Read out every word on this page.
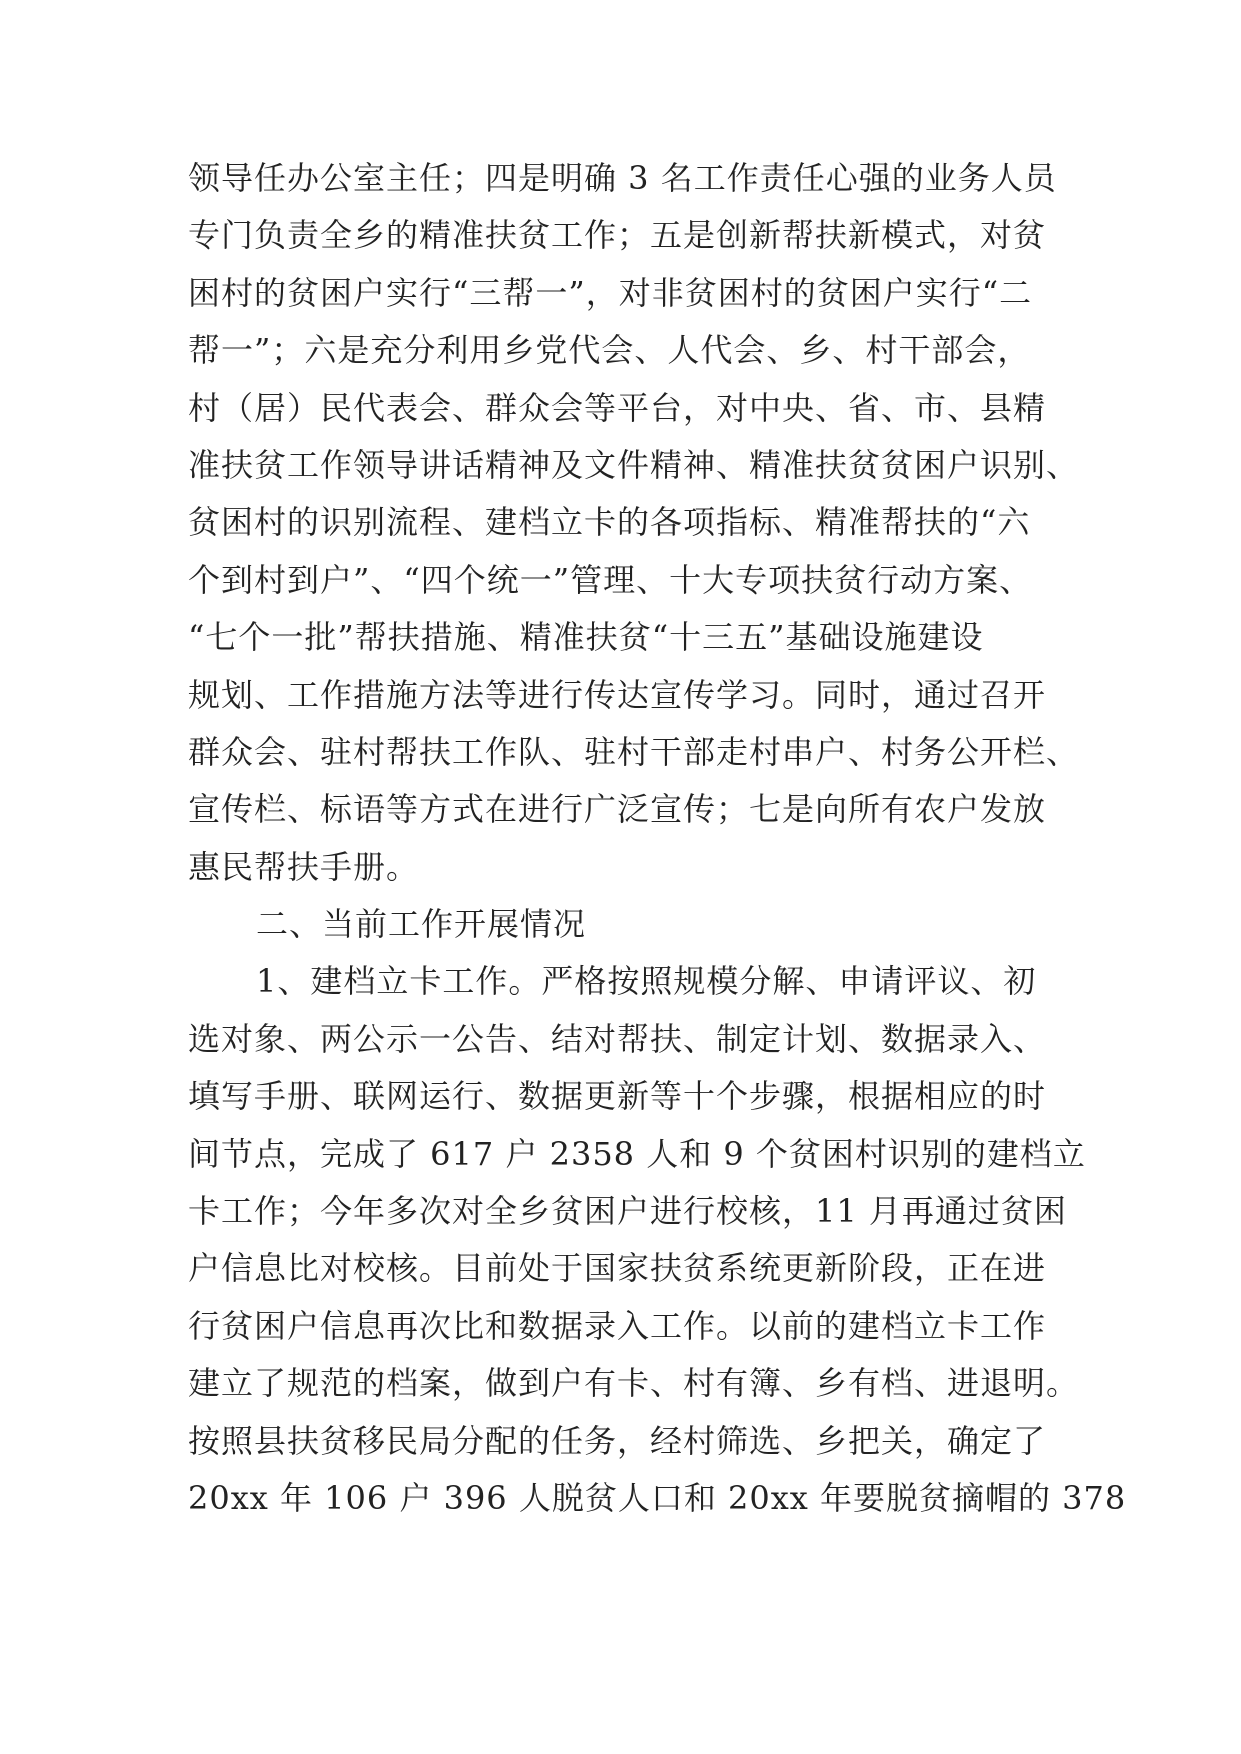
领导任办公室主任；四是明确 3 名工作责任心强的业务人员
专门负责全乡的精准扶贫工作；五是创新帮扶新模式，对贫
困村的贫困户实行“三帮一”，对非贫困村的贫困户实行“二
帮一”；六是充分利用乡党代会、人代会、乡、村干部会，
村（居）民代表会、群众会等平台，对中央、省、市、县精
准扶贫工作领导讲话精神及文件精神、精准扶贫贫困户识别、
贫困村的识别流程、建档立卡的各项指标、精准帮扶的“六
个到村到户”、“四个统一”管理、十大专项扶贫行动方案、
“七个一批”帮扶措施、精准扶贫“十三五”基础设施建设
规划、工作措施方法等进行传达宣传学习。同时，通过召开
群众会、驻村帮扶工作队、驻村干部走村串户、村务公开栏、
宣传栏、标语等方式在进行广泛宣传；七是向所有农户发放
惠民帮扶手册。
二、当前工作开展情况
1、建档立卡工作。严格按照规模分解、申请评议、初
选对象、两公示一公告、结对帮扶、制定计划、数据录入、
填写手册、联网运行、数据更新等十个步骤，根据相应的时
间节点，完成了 617 户 2358 人和 9 个贫困村识别的建档立
卡工作；今年多次对全乡贫困户进行校核，11 月再通过贫困
户信息比对校核。目前处于国家扶贫系统更新阶段，正在进
行贫困户信息再次比和数据录入工作。以前的建档立卡工作
建立了规范的档案，做到户有卡、村有簿、乡有档、进退明。
按照县扶贫移民局分配的任务，经村筛选、乡把关，确定了
20xx 年 106 户 396 人脱贫人口和 20xx 年要脱贫摘帽的 378
